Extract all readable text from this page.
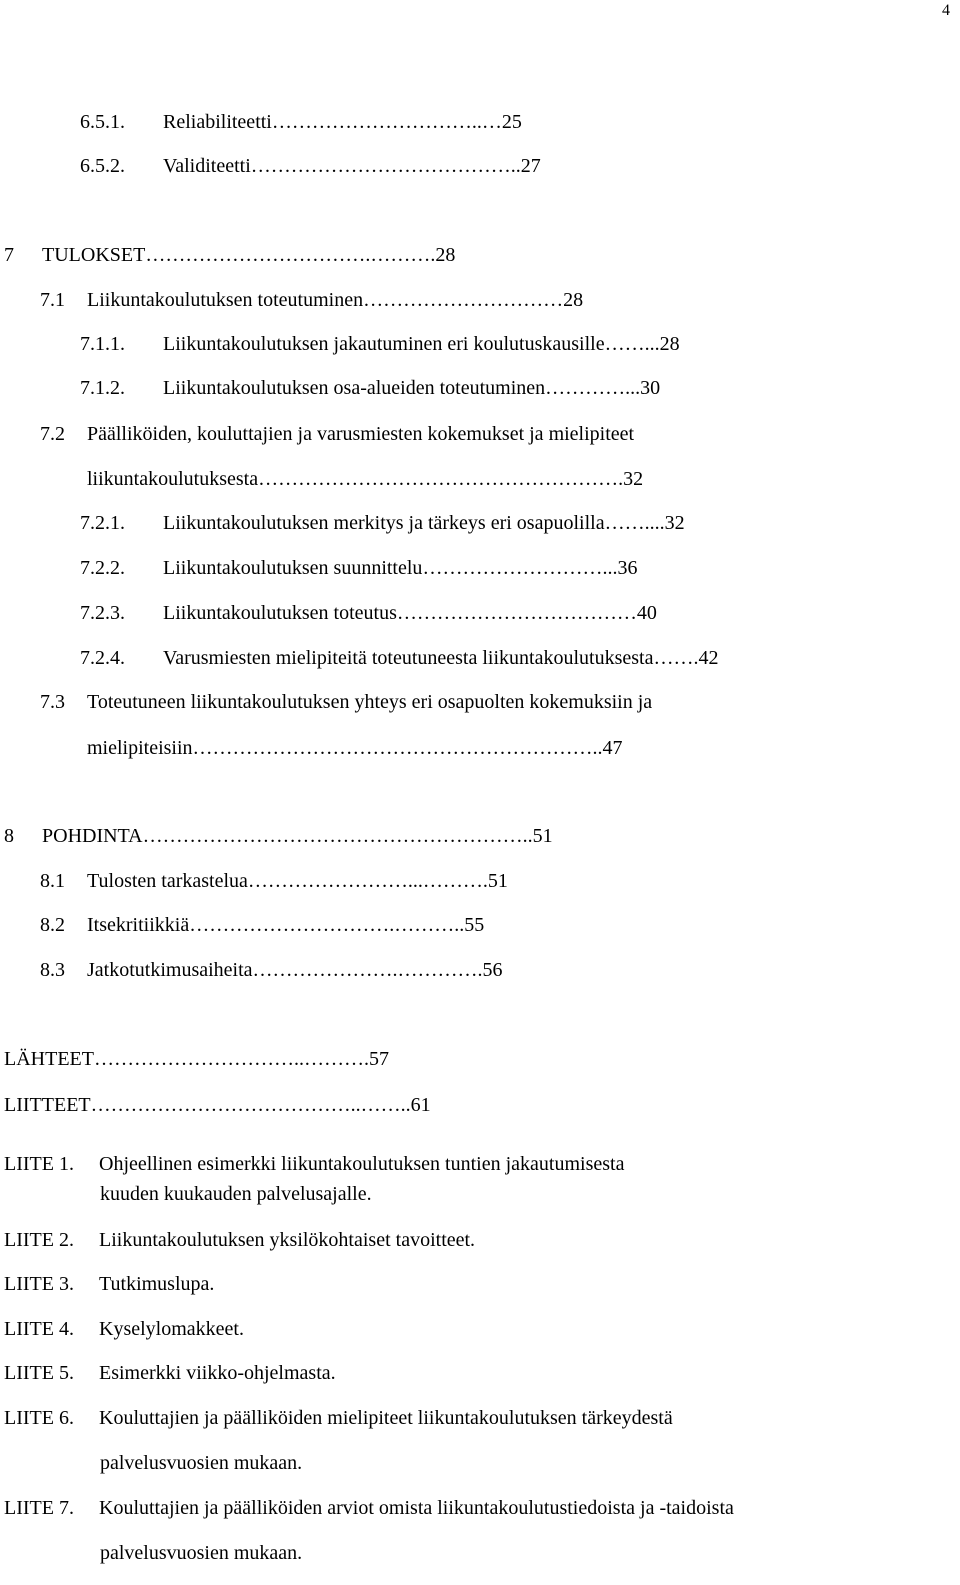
4
6.5.1. Reliabiliteetti…………………………..…25
6.5.2. Validiteetti…………………………………..27
7 TULOKSET…………………………….……….28
7.1 Liikuntakoulutuksen toteutuminen…………………………28
7.1.1. Liikuntakoulutuksen jakautuminen eri koulutuskausille……...28
7.1.2. Liikuntakoulutuksen osa-alueiden toteutuminen…………...30
7.2 Päälliköiden, kouluttajien ja varusmiesten kokemukset ja mielipiteet
liikuntakoulutuksesta……………………………………………….32
7.2.1. Liikuntakoulutuksen merkitys ja tärkeys eri osapuolilla……....32
7.2.2. Liikuntakoulutuksen suunnittelu………………………...36
7.2.3. Liikuntakoulutuksen toteutus………………………………40
7.2.4. Varusmiesten mielipiteitä toteutuneesta liikuntakoulutuksesta…….42
7.3 Toteutuneen liikuntakoulutuksen yhteys eri osapuolten kokemuksiin ja
mielipiteisiin……………………………………………………..47
8 POHDINTA…………………………………………………..51
8.1 Tulosten tarkastelua……………………...……….51
8.2 Itsekritiikkiä………………………….………..55
8.3 Jatkotutkimusaiheita………………….………….56
LÄHTEET…………………………..……….57
LIITTEET…………………………………..……..61
LIITE 1. Ohjeellinen esimerkki liikuntakoulutuksen tuntien jakautumisesta
kuuden kuukauden palvelusajalle.
LIITE 2. Liikuntakoulutuksen yksilökohtaiset tavoitteet.
LIITE 3. Tutkimuslupa.
LIITE 4. Kyselylomakkeet.
LIITE 5. Esimerkki viikko-ohjelmasta.
LIITE 6. Kouluttajien ja päälliköiden mielipiteet liikuntakoulutuksen tärkeydestä
palvelusvuosien mukaan.
LIITE 7. Kouluttajien ja päälliköiden arviot omista liikuntakoulutustiedoista ja -taidoista
palvelusvuosien mukaan.
